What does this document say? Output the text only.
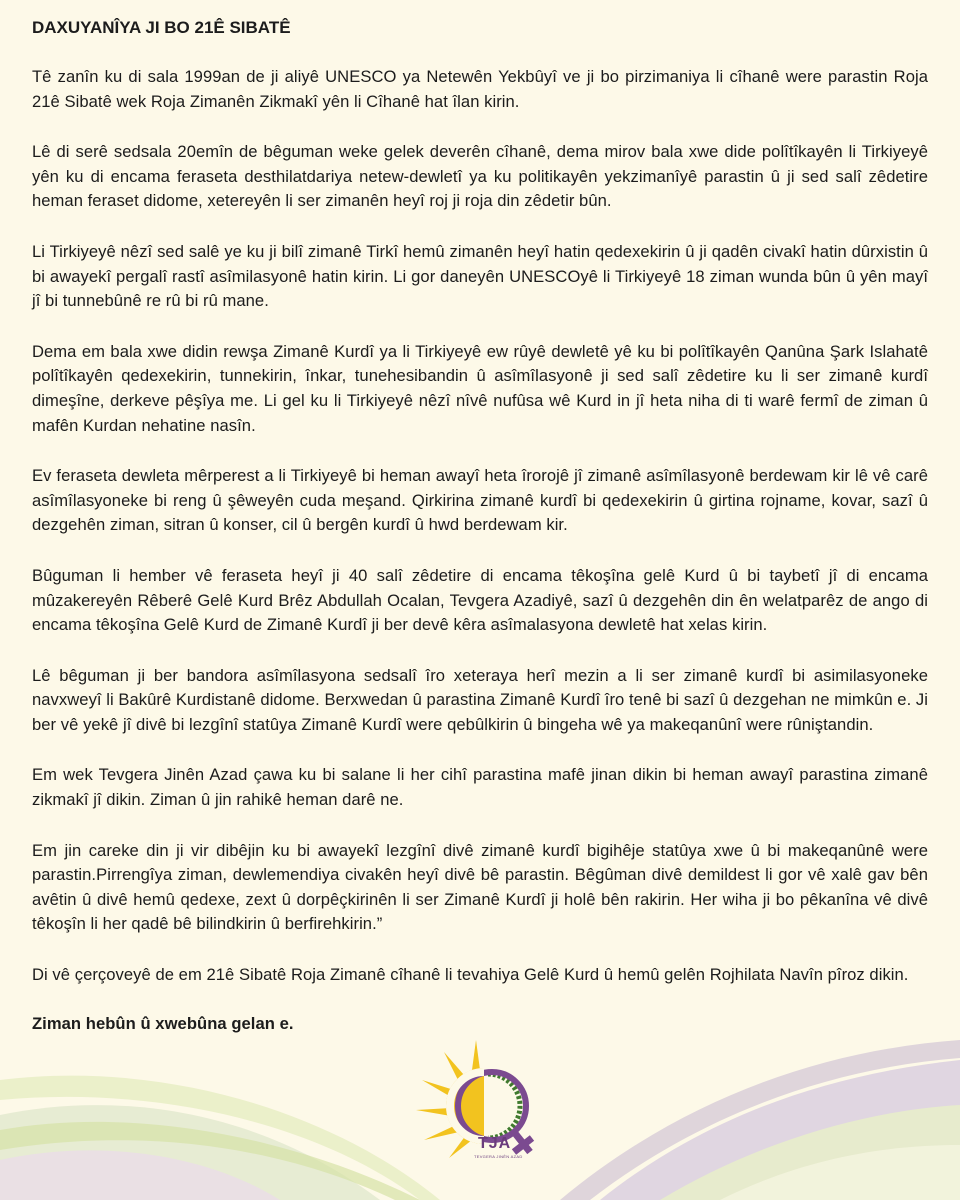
TJA
TEVGERA JINÊN AZAD
DAXUYANÎYA JI BO 21Ê SIBATÊ

Tê zanîn ku di sala 1999an de ji aliyê UNESCO ya Netewên Yekbûyî ve ji bo pirzimaniya li cîhanê were parastin Roja 21ê Sibatê wek Roja Zimanên Zikmakî yên li Cîhanê hat îlan kirin.

Lê di serê sedsala 20emîn de bêguman weke gelek deverên cîhanê, dema mirov bala xwe dide polîtîkayên li Tirkiyeyê yên ku di encama feraseta desthilatdariya netew-dewletî ya ku politikayên yekzimanîyê parastin û ji sed salî zêdetire heman feraset didome, xetereyên li ser zimanên heyî roj ji roja din zêdetir bûn.

Li Tirkiyeyê nêzî sed salê ye ku ji bilî zimanê Tirkî hemû zimanên heyî hatin qedexekirin û ji qadên civakî hatin dûrxistin û bi awayekî pergalî rastî asîmilasyonê hatin kirin. Li gor daneyên UNESCOyê li Tirkiyeyê 18 ziman wunda bûn û yên mayî jî bi tunnebûnê re rû bi rû mane.

Dema em bala xwe didin rewşa Zimanê Kurdî ya li Tirkiyeyê ew rûyê dewletê yê ku bi polîtîkayên Qanûna Şark Islahatê polîtîkayên qedexekirin, tunnekirin, înkar, tunehesibandin û asîmîlasyonê ji sed salî zêdetire ku li ser zimanê kurdî dimeşîne, derkeve pêşîya me. Li gel ku li Tirkiyeyê nêzî nîvê nufûsa wê Kurd in jî heta niha di ti warê fermî de ziman û mafên Kurdan nehatine nasîn.

Ev feraseta dewleta mêrperest a li Tirkiyeyê bi heman awayî heta îrorojê jî zimanê asîmîlasyonê berdewam kir lê vê carê asîmîlasyoneke bi reng û şêweyên cuda meşand. Qirkirina zimanê kurdî bi qedexekirin û girtina rojname, kovar, sazî û dezgehên ziman, sitran û konser, cil û bergên kurdî û hwd berdewam kir.

Bûguman li hember vê feraseta heyî ji 40 salî zêdetire di encama têkoşîna gelê Kurd û bi taybetî jî di encama mûzakereyên Rêberê Gelê Kurd Brêz Abdullah Ocalan, Tevgera Azadiyê, sazî û dezgehên din ên welatparêz de ango di encama têkoşîna Gelê Kurd de Zimanê Kurdî ji ber devê kêra asîmalasyona dewletê hat xelas kirin.

Lê bêguman ji ber bandora asîmîlasyona sedsalî îro xeteraya herî mezin a li ser zimanê kurdî bi asimilasyoneke navxweyî li Bakûrê Kurdistanê didome. Berxwedan û parastina Zimanê Kurdî îro tenê bi sazî û dezgehan ne mimkûn e. Ji ber vê yekê jî divê bi lezgînî statûya Zimanê Kurdî were qebûlkirin û bingeha wê ya makeqanûnî were rûniştandin.

Em wek Tevgera Jinên Azad çawa ku bi salane li her cihî parastina mafê jinan dikin bi heman awayî parastina zimanê zikmakî jî dikin. Ziman û jin rahikê heman darê ne.

Em jin careke din ji vir dibêjin ku bi awayekî lezgînî divê zimanê kurdî bigihêje statûya xwe û bi makeqanûnê were parastin.Pirrengîya ziman, dewlemendiya civakên heyî divê bê parastin. Bêgûman divê demildest li gor vê xalê gav bên avêtin û divê hemû qedexe, zext û dorpêçkirinên li ser Zimanê Kurdî ji holê bên rakirin. Her wiha ji bo pêkanîna vê divê têkoşîn li her qadê bê bilindkirin û berfirehkirin.”

Di vê çerçoveyê de em 21ê Sibatê Roja Zimanê cîhanê li tevahiya Gelê Kurd û hemû gelên Rojhilata Navîn pîroz dikin.

Ziman hebûn û xwebûna gelan e.
